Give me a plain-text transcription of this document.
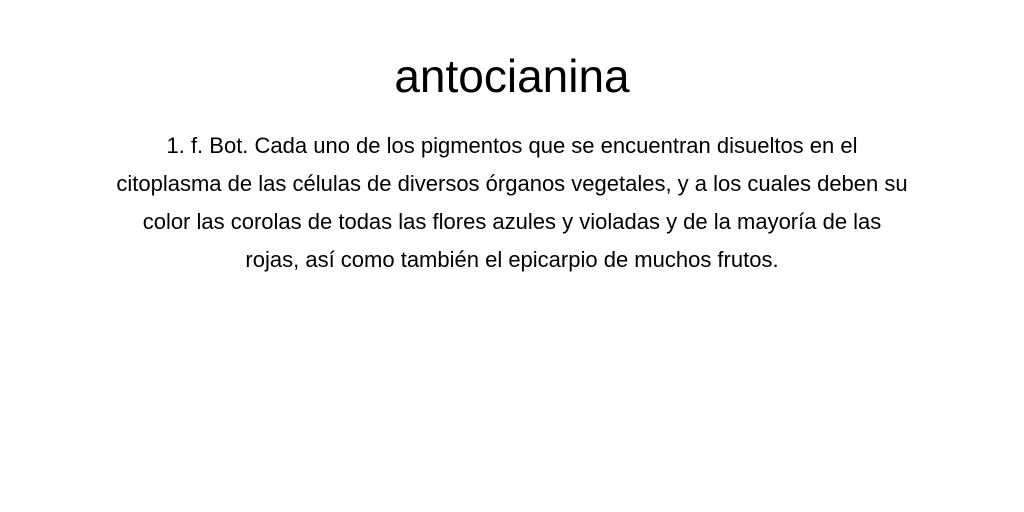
antocianina

1. f. Bot. Cada uno de los pigmentos que se encuentran disueltos en el
citoplasma de las células de diversos órganos vegetales, y a los cuales deben su
color las corolas de todas las flores azules y violadas y de la mayoría de las
rojas, así como también el epicarpio de muchos frutos.
